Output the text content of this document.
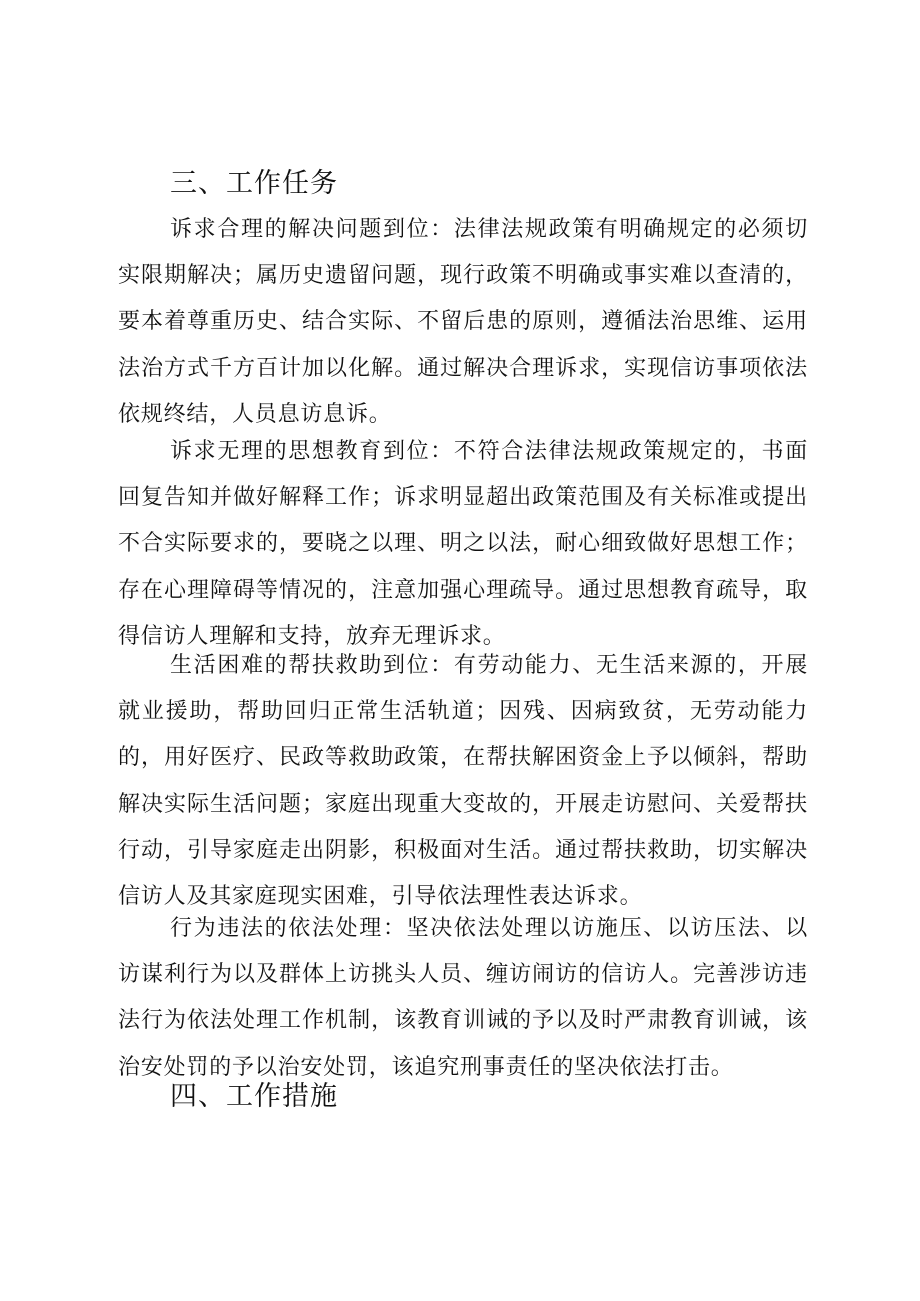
三、工作任务

诉求合理的解决问题到位：法律法规政策有明确规定的必须切实限期解决；属历史遗留问题，现行政策不明确或事实难以查清的，要本着尊重历史、结合实际、不留后患的原则，遵循法治思维、运用法治方式千方百计加以化解。通过解决合理诉求，实现信访事项依法依规终结，人员息访息诉。

诉求无理的思想教育到位：不符合法律法规政策规定的，书面回复告知并做好解释工作；诉求明显超出政策范围及有关标准或提出不合实际要求的，要晓之以理、明之以法，耐心细致做好思想工作；存在心理障碍等情况的，注意加强心理疏导。通过思想教育疏导，取得信访人理解和支持，放弃无理诉求。

生活困难的帮扶救助到位：有劳动能力、无生活来源的，开展就业援助，帮助回归正常生活轨道；因残、因病致贫，无劳动能力的，用好医疗、民政等救助政策，在帮扶解困资金上予以倾斜，帮助解决实际生活问题；家庭出现重大变故的，开展走访慰问、关爱帮扶行动，引导家庭走出阴影，积极面对生活。通过帮扶救助，切实解决信访人及其家庭现实困难，引导依法理性表达诉求。

行为违法的依法处理：坚决依法处理以访施压、以访压法、以访谋利行为以及群体上访挑头人员、缠访闹访的信访人。完善涉访违法行为依法处理工作机制，该教育训诫的予以及时严肃教育训诫，该治安处罚的予以治安处罚，该追究刑事责任的坚决依法打击。

四、工作措施
